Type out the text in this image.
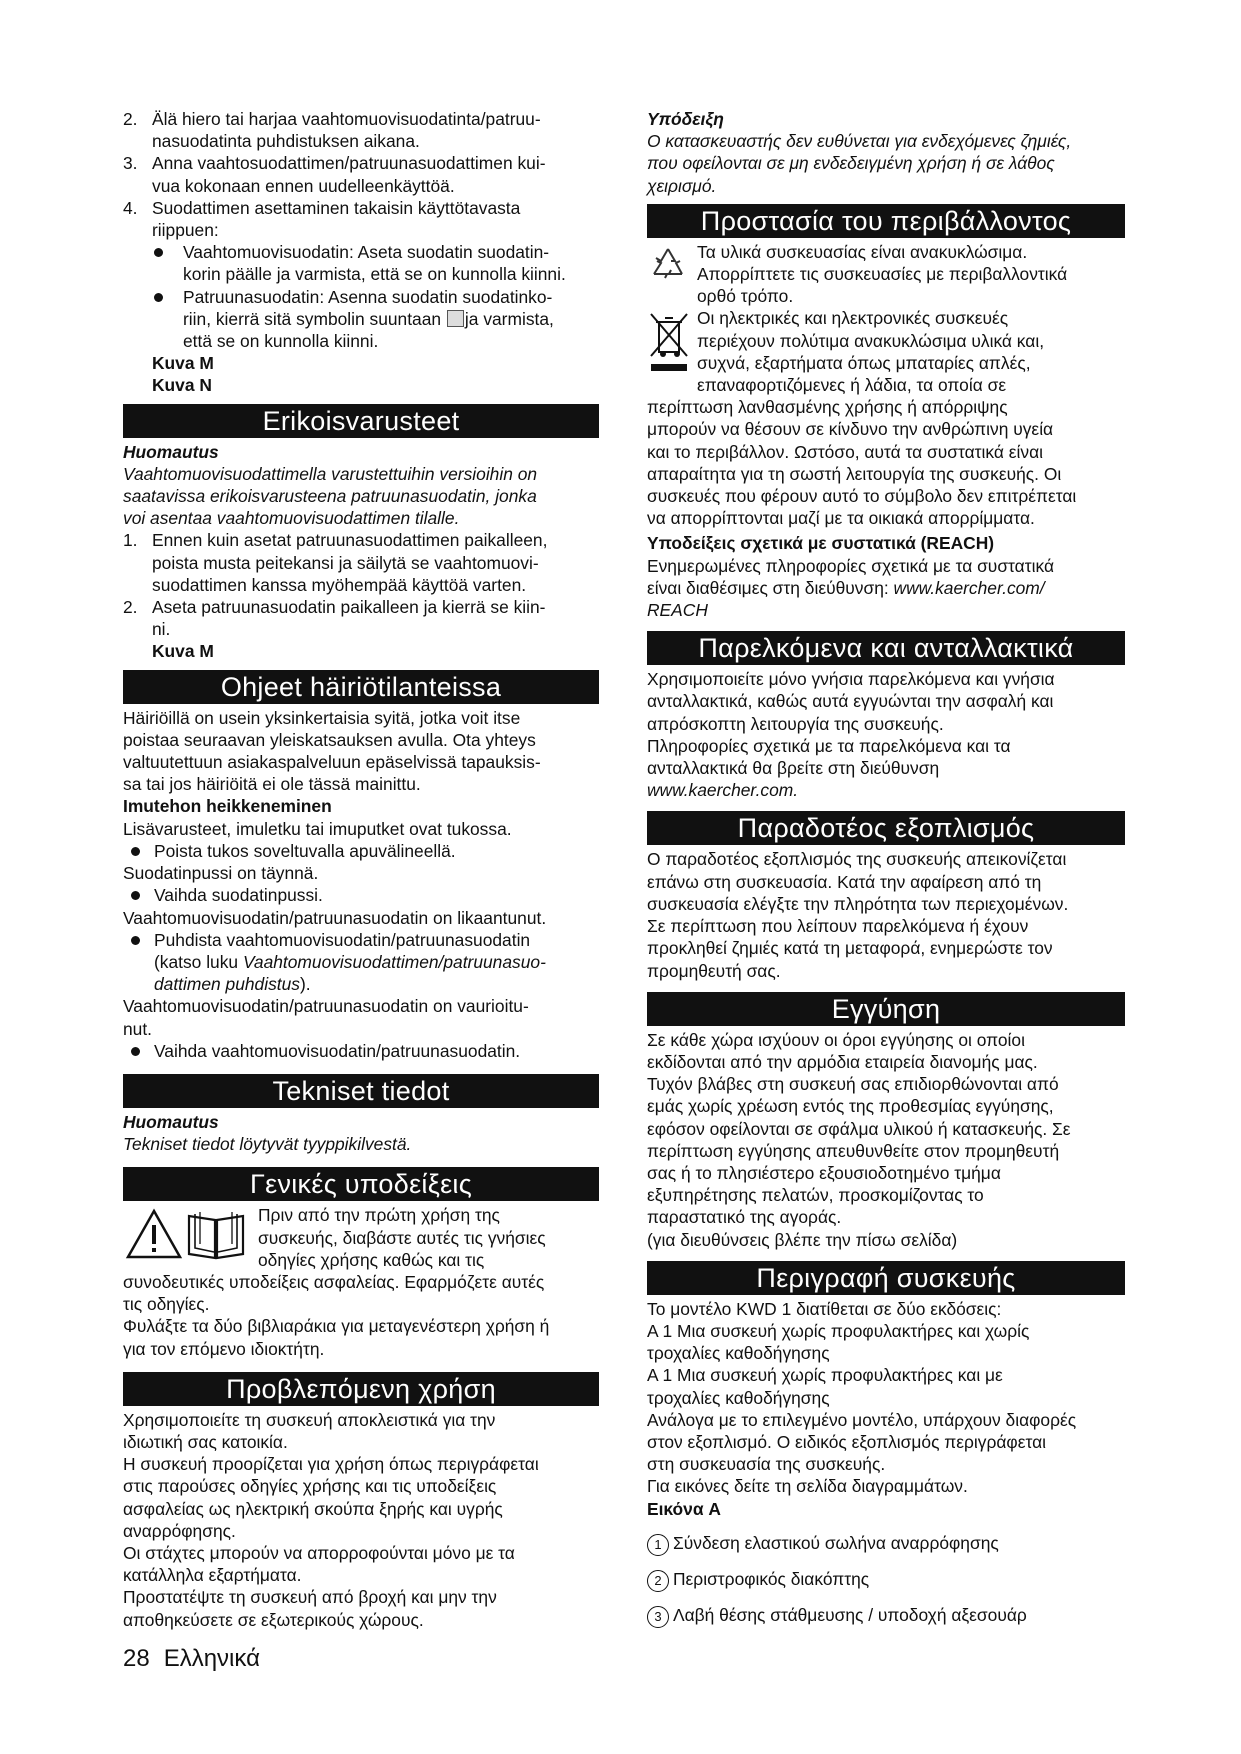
2. Älä hiero tai harjaa vaahtomuovisuodatinta/patruu-

nasuodatinta puhdistuksen aikana.

3. Anna vaahtosuodattimen/patruunasuodattimen kui-

vua kokonaan ennen uudelleenkäyttöä.

4. Suodattimen asettaminen takaisin käyttötavasta

riippuen:

Vaahtomuovisuodatin: Aseta suodatin suodatin-

korin päälle ja varmista, että se on kunnolla kiinni.

Patruunasuodatin: Asenna suodatin suodatinko-

riin, kierrä sitä symbolin suuntaan ja varmista,

että se on kunnolla kiinni.

Kuva M

Kuva N

Erikoisvarusteet

Huomautus

Vaahtomuovisuodattimella varustettuihin versioihin on

saatavissa erikoisvarusteena patruunasuodatin, jonka

voi asentaa vaahtomuovisuodattimen tilalle.

1. Ennen kuin asetat patruunasuodattimen paikalleen,

poista musta peitekansi ja säilytä se vaahtomuovi-

suodattimen kanssa myöhempää käyttöä varten.

2. Aseta patruunasuodatin paikalleen ja kierrä se kiin-

ni.

Kuva M

Ohjeet häiriötilanteissa

Häiriöillä on usein yksinkertaisia syitä, jotka voit itse

poistaa seuraavan yleiskatsauksen avulla. Ota yhteys

valtuutettuun asiakaspalveluun epäselvissä tapauksis-

sa tai jos häiriöitä ei ole tässä mainittu.

Imutehon heikkeneminen

Lisävarusteet, imuletku tai imuputket ovat tukossa.

Poista tukos soveltuvalla apuvälineellä.

Suodatinpussi on täynnä.

Vaihda suodatinpussi.

Vaahtomuovisuodatin/patruunasuodatin on likaantunut.

Puhdista vaahtomuovisuodatin/patruunasuodatin

(katso luku Vaahtomuovisuodattimen/patruunasuo-

dattimen puhdistus).

Vaahtomuovisuodatin/patruunasuodatin on vaurioitu-

nut.

Vaihda vaahtomuovisuodatin/patruunasuodatin.

Tekniset tiedot

Huomautus

Tekniset tiedot löytyvät tyyppikilvestä.

Γενικές υποδείξεις

Πριν από την πρώτη χρήση της

συσκευής, διαβάστε αυτές τις γνήσιες

οδηγίες χρήσης καθώς και τις

συνοδευτικές υποδείξεις ασφαλείας. Εφαρμόζετε αυτές

τις οδηγίες.

Φυλάξτε τα δύο βιβλιαράκια για μεταγενέστερη χρήση ή

για τον επόμενο ιδιοκτήτη.

Προβλεπόμενη χρήση

Χρησιμοποιείτε τη συσκευή αποκλειστικά για την

ιδιωτική σας κατοικία.

Η συσκευή προορίζεται για χρήση όπως περιγράφεται

στις παρούσες οδηγίες χρήσης και τις υποδείξεις

ασφαλείας ως ηλεκτρική σκούπα ξηρής και υγρής

αναρρόφησης.

Οι στάχτες μπορούν να απορροφούνται μόνο με τα

κατάλληλα εξαρτήματα.

Προστατέψτε τη συσκευή από βροχή και μην την

αποθηκεύσετε σε εξωτερικούς χώρους.

Υπόδειξη

Ο κατασκευαστής δεν ευθύνεται για ενδεχόμενες ζημιές,

που οφείλονται σε μη ενδεδειγμένη χρήση ή σε λάθος

χειρισμό.

Προστασία του περιβάλλοντος

Τα υλικά συσκευασίας είναι ανακυκλώσιμα.

Απορρίπτετε τις συσκευασίες με περιβαλλοντικά

ορθό τρόπο.

Οι ηλεκτρικές και ηλεκτρονικές συσκευές

περιέχουν πολύτιμα ανακυκλώσιμα υλικά και,

συχνά, εξαρτήματα όπως μπαταρίες απλές,

επαναφορτιζόμενες ή λάδια, τα οποία σε

περίπτωση λανθασμένης χρήσης ή απόρριψης

μπορούν να θέσουν σε κίνδυνο την ανθρώπινη υγεία

και το περιβάλλον. Ωστόσο, αυτά τα συστατικά είναι

απαραίτητα για τη σωστή λειτουργία της συσκευής. Οι

συσκευές που φέρουν αυτό το σύμβολο δεν επιτρέπεται

να απορρίπτονται μαζί με τα οικιακά απορρίμματα.

Υποδείξεις σχετικά με συστατικά (REACH)

Ενημερωμένες πληροφορίες σχετικά με τα συστατικά

είναι διαθέσιμες στη διεύθυνση: www.kaercher.com/

REACH

Παρελκόμενα και ανταλλακτικά

Χρησιμοποιείτε μόνο γνήσια παρελκόμενα και γνήσια

ανταλλακτικά, καθώς αυτά εγγυώνται την ασφαλή και

απρόσκοπτη λειτουργία της συσκευής.

Πληροφορίες σχετικά με τα παρελκόμενα και τα

ανταλλακτικά θα βρείτε στη διεύθυνση

www.kaercher.com.

Παραδοτέος εξοπλισμός

Ο παραδοτέος εξοπλισμός της συσκευής απεικονίζεται

επάνω στη συσκευασία. Κατά την αφαίρεση από τη

συσκευασία ελέγξτε την πληρότητα των περιεχομένων.

Σε περίπτωση που λείπουν παρελκόμενα ή έχουν

προκληθεί ζημιές κατά τη μεταφορά, ενημερώστε τον

προμηθευτή σας.

Εγγύηση

Σε κάθε χώρα ισχύουν οι όροι εγγύησης οι οποίοι

εκδίδονται από την αρμόδια εταιρεία διανομής μας.

Τυχόν βλάβες στη συσκευή σας επιδιορθώνονται από

εμάς χωρίς χρέωση εντός της προθεσμίας εγγύησης,

εφόσον οφείλονται σε σφάλμα υλικού ή κατασκευής. Σε

περίπτωση εγγύησης απευθυνθείτε στον προμηθευτή

σας ή το πλησιέστερο εξουσιοδοτημένο τμήμα

εξυπηρέτησης πελατών, προσκομίζοντας το

παραστατικό της αγοράς.

(για διευθύνσεις βλέπε την πίσω σελίδα)

Περιγραφή συσκευής

Το μοντέλο KWD 1 διατίθεται σε δύο εκδόσεις:

A 1 Μια συσκευή χωρίς προφυλακτήρες και χωρίς

τροχαλίες καθοδήγησης

A 1 Μια συσκευή χωρίς προφυλακτήρες και με

τροχαλίες καθοδήγησης

Ανάλογα με το επιλεγμένο μοντέλο, υπάρχουν διαφορές

στον εξοπλισμό. Ο ειδικός εξοπλισμός περιγράφεται

στη συσκευασία της συσκευής.

Για εικόνες δείτε τη σελίδα διαγραμμάτων.

Εικόνα A

1 Σύνδεση ελαστικού σωλήνα αναρρόφησης

2 Περιστροφικός διακόπτης

3 Λαβή θέσης στάθμευσης / υποδοχή αξεσουάρ

28 Ελληνικά
